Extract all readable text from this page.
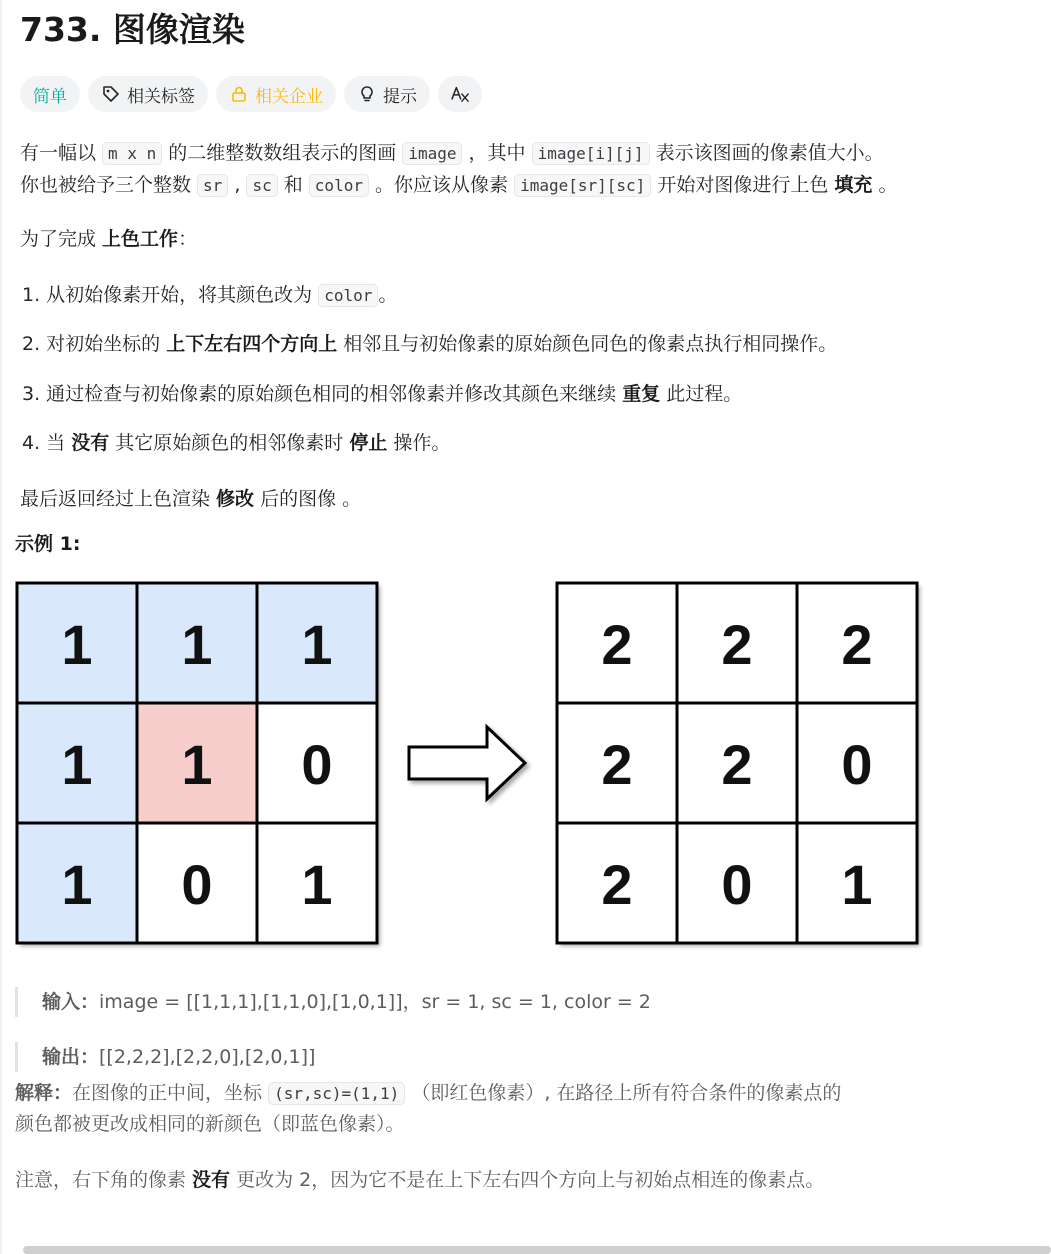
733. 图像渲染
简单	相关标签	相关企业	提示

有一幅以 m x n 的二维整数数组表示的图画 image ，其中 image[i][j] 表示该图画的像素值大小。

你也被给予三个整数 sr , sc 和 color 。你应该从像素 image[sr][sc] 开始对图像进行上色 填充 。

为了完成 上色工作：

1. 从初始像素开始，将其颜色改为 color 。

2. 对初始坐标的 上下左右四个方向上 相邻且与初始像素的原始颜色同色的像素点执行相同操作。

3. 通过检查与初始像素的原始颜色相同的相邻像素并修改其颜色来继续 重复 此过程。

4. 当 没有 其它原始颜色的相邻像素时 停止 操作。

最后返回经过上色渲染 修改 后的图像 。

示例 1:

1 1 1
1 1 0
1 0 1
2 2 2
2 2 0
2 0 1
输入：image = [[1,1,1],[1,1,0],[1,0,1]]，sr = 1, sc = 1, color = 2
输出：[[2,2,2],[2,2,0],[2,0,1]]

解释：在图像的正中间，坐标 (sr,sc)=(1,1) （即红色像素）, 在路径上所有符合条件的像素点的

颜色都被更改成相同的新颜色（即蓝色像素）。

注意，右下角的像素 没有 更改为 2，因为它不是在上下左右四个方向上与初始点相连的像素点。
